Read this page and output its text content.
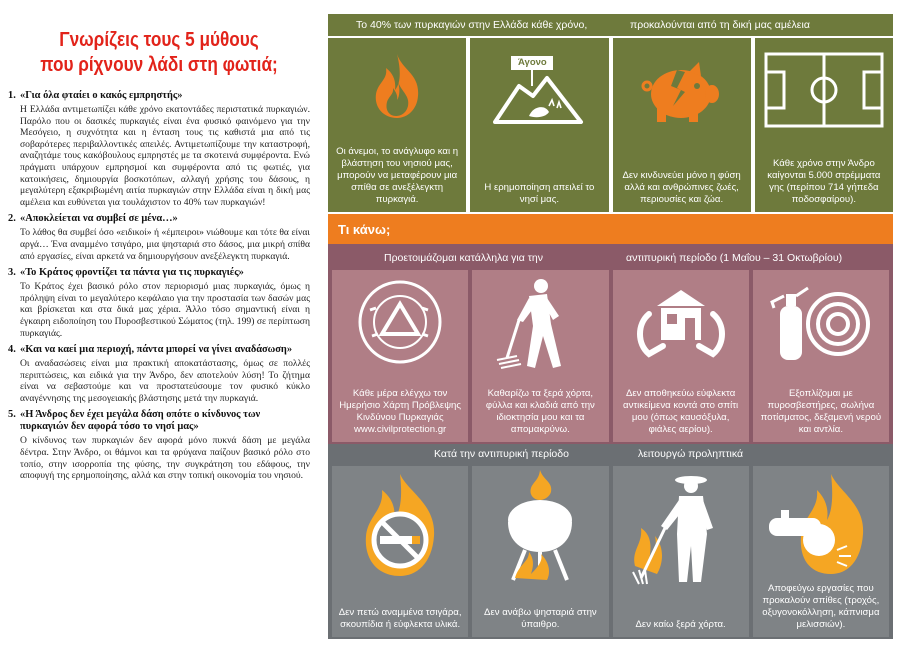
Γνωρίζεις τους 5 μύθους
που ρίχνουν λάδι στη φωτιά;
1. «Για όλα φταίει ο κακός εμπρηστής»
Η Ελλάδα αντιμετωπίζει κάθε χρόνο εκατοντάδες περιστατικά πυρκαγιών. Παρόλο που οι δασικές πυρκαγιές είναι ένα φυσικό φαινόμενο για την Μεσόγειο, η συχνότητα και η ένταση τους τις καθιστά μια από τις σοβαρότερες περιβαλλοντικές απειλές. Αντιμετωπίζουμε την καταστροφή, αναζητάμε τους κακόβουλους εμπρηστές με τα σκοτεινά συμφέροντα. Ενώ πράγματι υπάρχουν εμπρησμοί και συμφέροντα από τις φωτιές, για κατοικήσεις, δημιουργία βοσκοτόπων, αλλαγή χρήσης του δάσους, η μεγαλύτερη εξακριβωμένη αιτία πυρκαγιών στην Ελλάδα είναι η δική μας αμέλεια και ευθύνεται για τουλάχιστον το 40% των πυρκαγιών!
2. «Αποκλείεται να συμβεί σε μένα…»
Το λάθος θα συμβεί όσο «ειδικοί» ή «έμπειροι» νιώθουμε και τότε θα είναι αργά… Ένα αναμμένο τσιγάρο, μια ψησταριά στο δάσος, μια μικρή σπίθα από εργασίες, είναι αρκετά να δημιουργήσουν ανεξέλεγκτη πυρκαγιά.
3. «Το Κράτος φροντίζει τα πάντα για τις πυρκαγιές»
Το Κράτος έχει βασικό ρόλο στον περιορισμό μιας πυρκαγιάς, όμως η πρόληψη είναι το μεγαλύτερο κεφάλαιο για την προστασία των δασών μας και βρίσκεται και στα δικά μας χέρια. Άλλο τόσο σημαντική είναι η έγκαιρη ειδοποίηση του Πυροσβεστικού Σώματος (τηλ. 199) σε περίπτωση πυρκαγιάς.
4. «Και να καεί μια περιοχή, πάντα μπορεί να γίνει αναδάσωση»
Οι αναδασώσεις είναι μια πρακτική αποκατάστασης, όμως σε πολλές περιπτώσεις, και ειδικά για την Άνδρο, δεν αποτελούν λύση! Το ζήτημα είναι να σεβαστούμε και να προστατεύσουμε τον φυσικό κύκλο αναγέννησης της μεσογειακής βλάστησης μετά την πυρκαγιά.
5. «Η Άνδρος δεν έχει μεγάλα δάση οπότε ο κίνδυνος των πυρκαγιών δεν αφορά τόσο το νησί μας»
Ο κίνδυνος των πυρκαγιών δεν αφορά μόνο πυκνά δάση με μεγάλα δέντρα. Στην Άνδρο, οι θάμνοι και τα φρύγανα παίζουν βασικό ρόλο στο τοπίο, στην ισορροπία της φύσης, την συγκράτηση του εδάφους, την αποφυγή της ερημοποίησης, αλλά και στην τοπική οικονομία του νησιού.
Το 40% των πυρκαγιών στην Ελλάδα κάθε χρόνο,	προκαλούνται από τη δική μας αμέλεια
Οι άνεμοι, το ανάγλυφο και η βλάστηση του νησιού μας, μπορούν να μεταφέρουν μια σπίθα σε ανεξέλεγκτη πυρκαγιά.
Άγονο
Η ερημοποίηση απειλεί το νησί μας.
Δεν κινδυνεύει μόνο η φύση αλλά και ανθρώπινες ζωές, περιουσίες και ζώα.
Κάθε χρόνο στην Άνδρο καίγονται 5.000 στρέμματα γης (περίπου 714 γήπεδα ποδοσφαίρου).
Τι κάνω;
Προετοιμάζομαι κατάλληλα για την	αντιπυρική περίοδο (1 Μαΐου – 31 Οκτωβρίου)
Κάθε μέρα ελέγχω τον Ημερήσιο Χάρτη Πρόβλεψης Κινδύνου Πυρκαγιάς www.civilprotection.gr
Καθαρίζω τα ξερά χόρτα, φύλλα και κλαδιά από την ιδιοκτησία μου και τα απομακρύνω.
Δεν αποθηκεύω εύφλεκτα αντικείμενα κοντά στο σπίτι μου (όπως καυσόξυλα, φιάλες αερίου).
Εξοπλίζομαι με πυροσβεστήρες, σωλήνα ποτίσματος, δεξαμενή νερού και αντλία.
Κατά την αντιπυρική περίοδο	λειτουργώ προληπτικά
Δεν πετώ αναμμένα τσιγάρα, σκουπίδια ή εύφλεκτα υλικά.
Δεν ανάβω ψησταριά στην ύπαιθρο.	Δεν καίω ξερά χόρτα.
Αποφεύγω εργασίες που προκαλούν σπίθες (τροχός, οξυγονοκόλληση, κάπνισμα μελισσιών).
